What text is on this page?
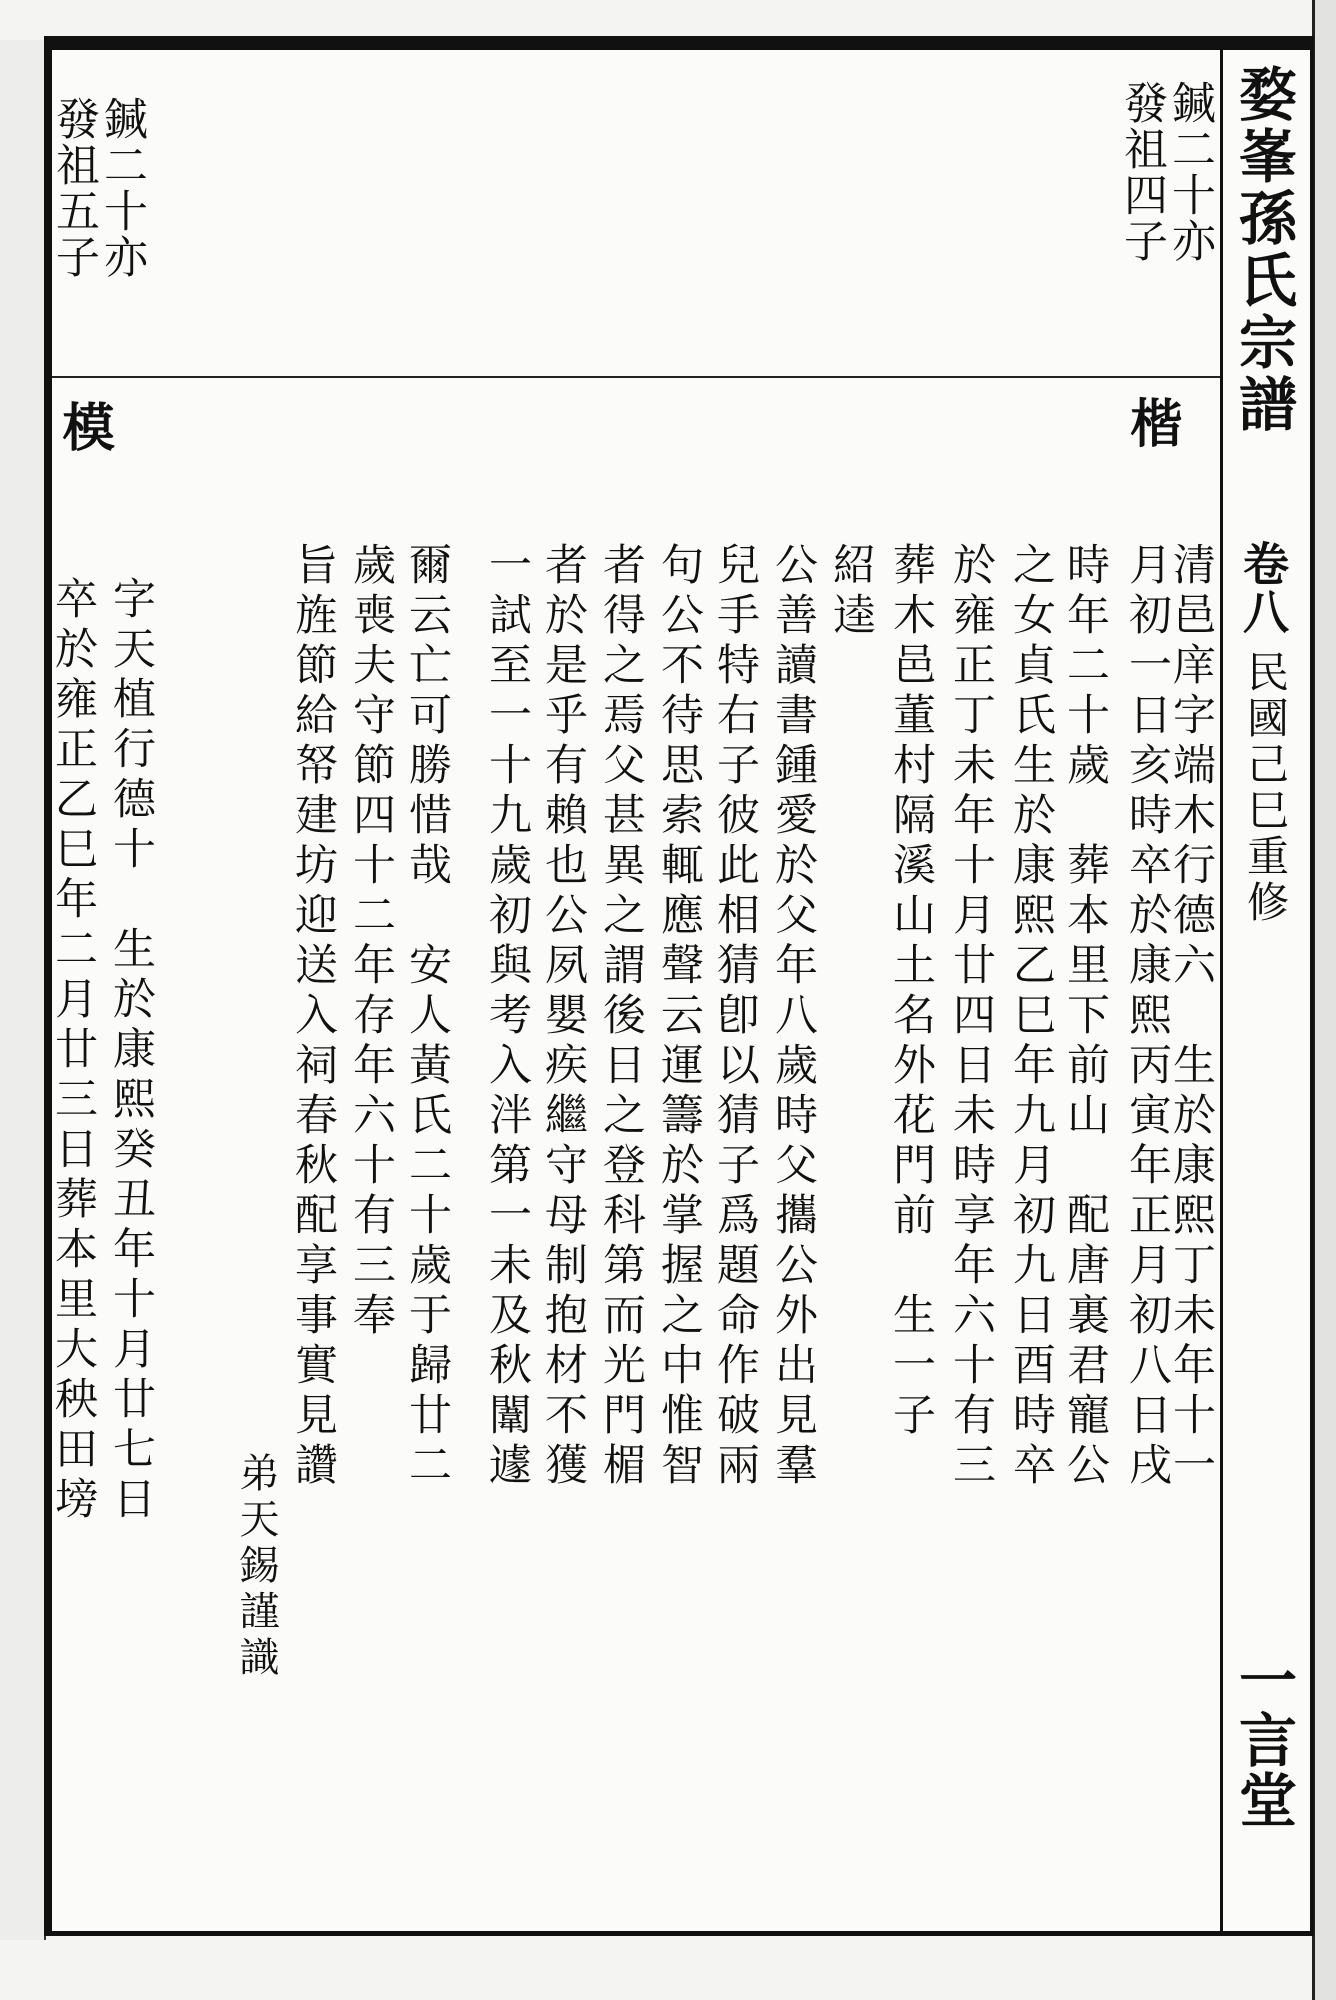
婺峯孫氏宗譜
卷八
民國己巳重修
一言堂
鍼二十亦
發祖四子
楷
鍼二十亦
發祖五子
模
清邑庠字端木行德六　生於康熙丁未年十一
月初一日亥時卒於康熙丙寅年正月初八日戌
時年二十歲　葬本里下前山　配唐裏君寵公
之女貞氏生於康熙乙巳年九月初九日酉時卒
於雍正丁未年十月廿四日未時享年六十有三
葬木邑董村隔溪山土名外花門前　生一子
紹逵
公善讀書鍾愛於父年八歲時父攜公外出見羣
兒手特右子彼此相猜卽以猜子爲題命作破兩
句公不待思索輒應聲云運籌於掌握之中惟智
者得之焉父甚異之謂後日之登科第而光門楣
者於是乎有賴也公夙嬰疾繼守母制抱材不獲
一試至一十九歲初與考入泮第一未及秋闈遽
爾云亡可勝惜哉　安人黃氏二十歲于歸廿二
歲喪夫守節四十二年存年六十有三奉
旨旌節給帑建坊迎送入祠春秋配享事實見讚
弟天錫謹識
字天植行德十　生於康熙癸丑年十月廿七日
卒於雍正乙巳年二月廿三日葬本里大秧田塝
